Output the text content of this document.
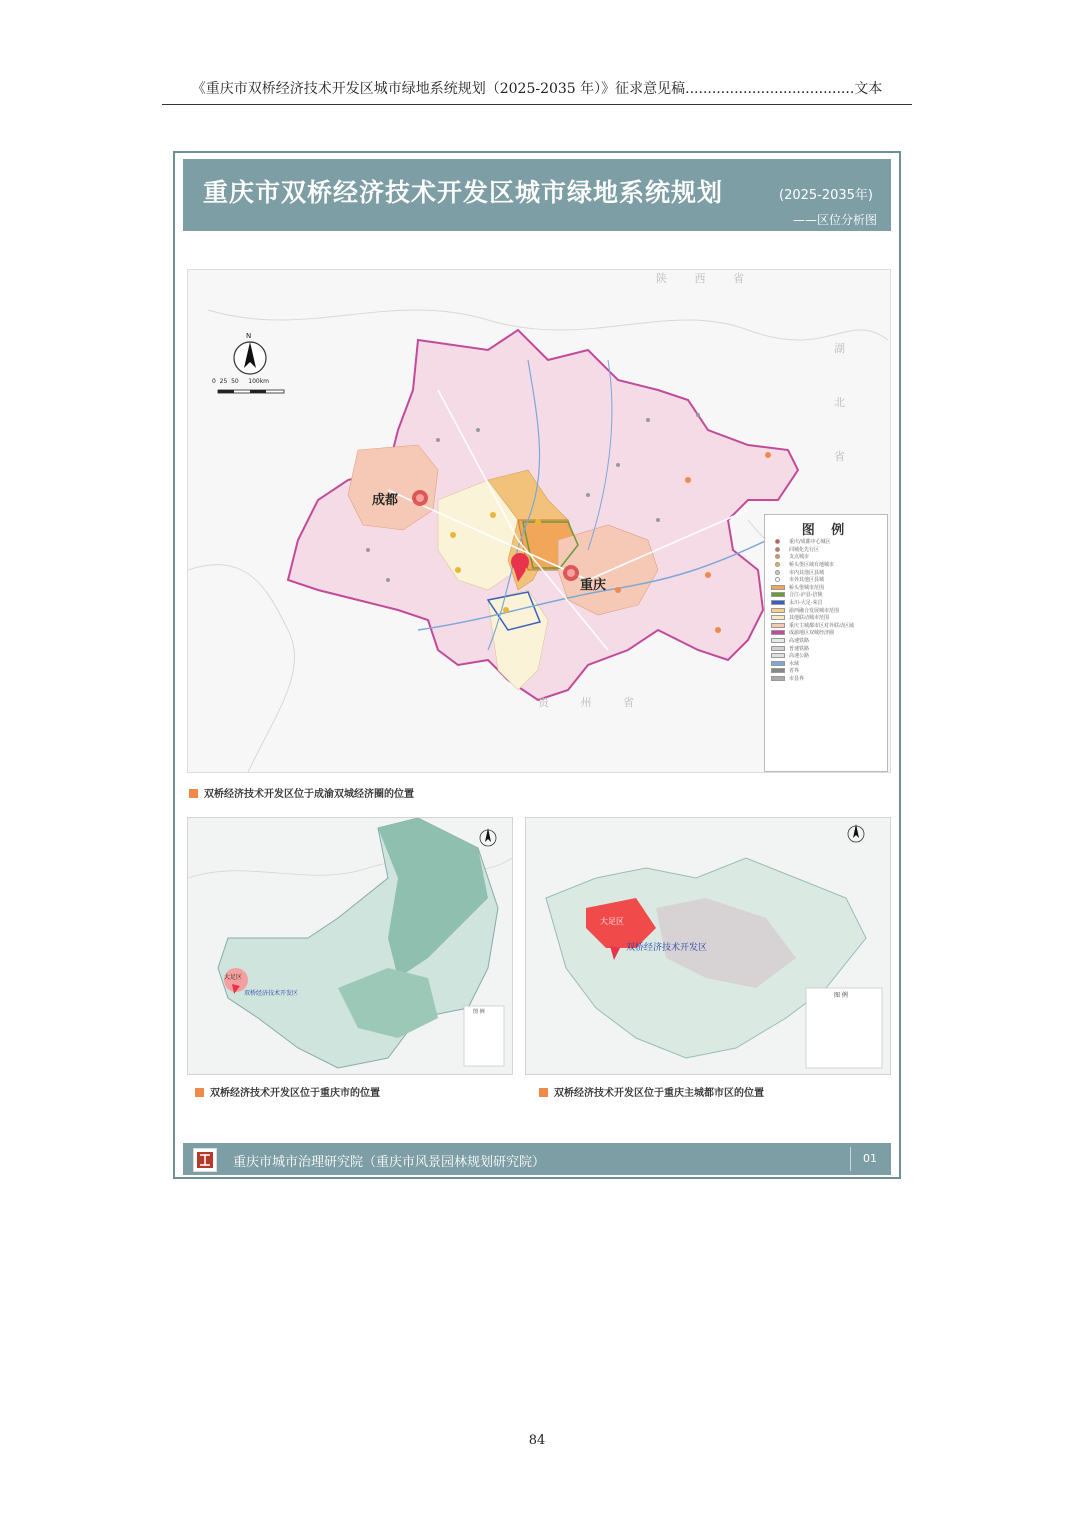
《重庆市双桥经济技术开发区城市绿地系统规划（2025-2035 年）》征求意见稿......................................文本
重庆市双桥经济技术开发区城市绿地系统规划	(2025-2035年)
——区位分析图
N
0  25  50     100km
成都
重庆
陕 西 省
湖
北
省
贵 州 省
图 例
重庆/成都中心城区
同城化先行区
支点城市
桥头堡区域有地城市
市内其他区县城
市外其他区县城
桥头堡城市范围
合江-泸县-涪陵
永川-大足-荣昌
渝西融合发展城市范围
其他联动城市范围
重庆主城都市区对外联动区域
成渝地区双城经济圈
高速铁路
普速铁路
高速公路
水域
省界
市县界
双桥经济技术开发区位于成渝双城经济圈的位置
大足区
双桥经济技术开发区
图 例
双桥经济技术开发区位于重庆市的位置
大足区
双桥经济技术开发区
图 例
双桥经济技术开发区位于重庆主城都市区的位置
重庆市城市治理研究院（重庆市风景园林规划研究院）	01
84
